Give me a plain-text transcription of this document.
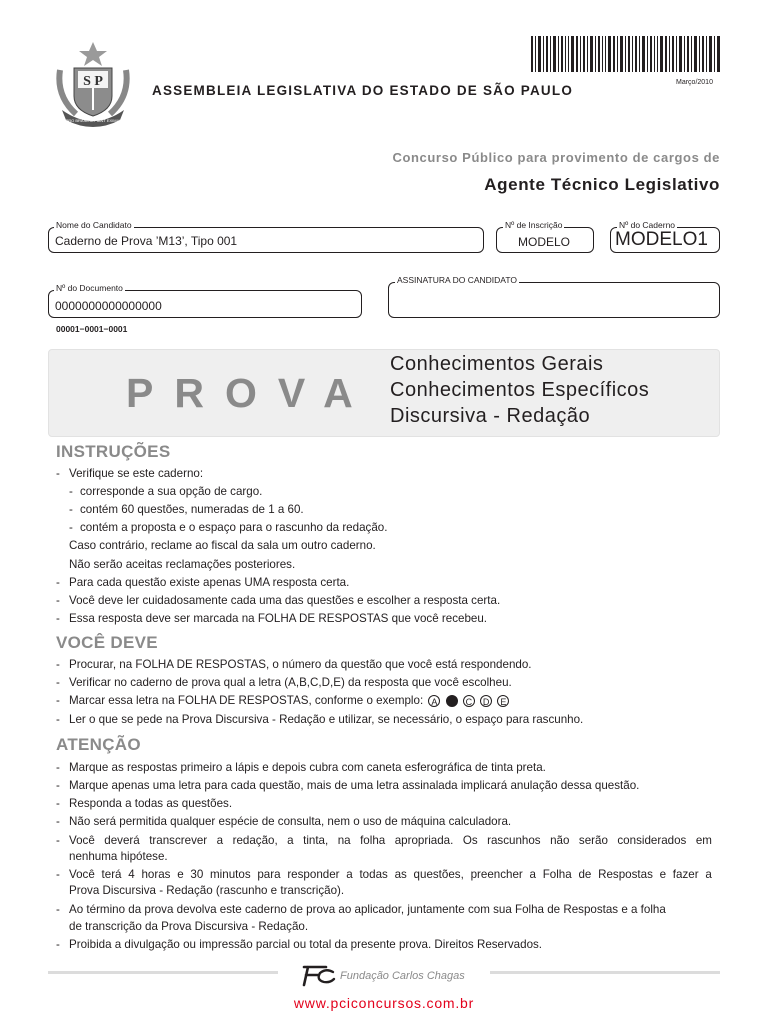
S P
PRO BRASILIA FIANT EXIMIA
ASSEMBLEIA LEGISLATIVA DO ESTADO DE SÃO PAULO
Março/2010
Concurso Público para provimento de cargos de
Agente Técnico Legislativo
Nome do Candidato
Caderno de Prova ’M13’, Tipo 001
Nº de Inscrição
MODELO
Nº do Caderno
MODELO1
Nº do Documento
0000000000000000
ASSINATURA DO CANDIDATO
00001−0001−0001
PROVA
Conhecimentos Gerais
Conhecimentos Específicos
Discursiva - Redação
INSTRUÇÕES
- Verifique se este caderno:
- corresponde a sua opção de cargo.
- contém 60 questões, numeradas de 1 a 60.
- contém a proposta e o espaço para o rascunho da redação.
Caso contrário, reclame ao fiscal da sala um outro caderno.
Não serão aceitas reclamações posteriores.
- Para cada questão existe apenas UMA resposta certa.
- Você deve ler cuidadosamente cada uma das questões e escolher a resposta certa.
- Essa resposta deve ser marcada na FOLHA DE RESPOSTAS que você recebeu.
VOCÊ DEVE
- Procurar, na FOLHA DE RESPOSTAS, o número da questão que você está respondendo.
- Verificar no caderno de prova qual a letra (A,B,C,D,E) da resposta que você escolheu.
- Marcar essa letra na FOLHA DE RESPOSTAS, conforme o exemplo: A	C D E
- Ler o que se pede na Prova Discursiva - Redação e utilizar, se necessário, o espaço para rascunho.
ATENÇÃO
- Marque as respostas primeiro a lápis e depois cubra com caneta esferográfica de tinta preta.
- Marque apenas uma letra para cada questão, mais de uma letra assinalada implicará anulação dessa questão.
- Responda a todas as questões.
- Não será permitida qualquer espécie de consulta, nem o uso de máquina calculadora.
- Você deverá transcrever a redação, a tinta, na folha apropriada. Os rascunhos não serão considerados em
nenhuma hipótese.
- Você terá 4 horas e 30 minutos para responder a todas as questões, preencher a Folha de Respostas e fazer a
Prova Discursiva - Redação (rascunho e transcrição).
- Ao término da prova devolva este caderno de prova ao aplicador, juntamente com sua Folha de Respostas e a folha
de transcrição da Prova Discursiva - Redação.
- Proibida a divulgação ou impressão parcial ou total da presente prova. Direitos Reservados.
Fundação Carlos Chagas
www.pciconcursos.com.br
